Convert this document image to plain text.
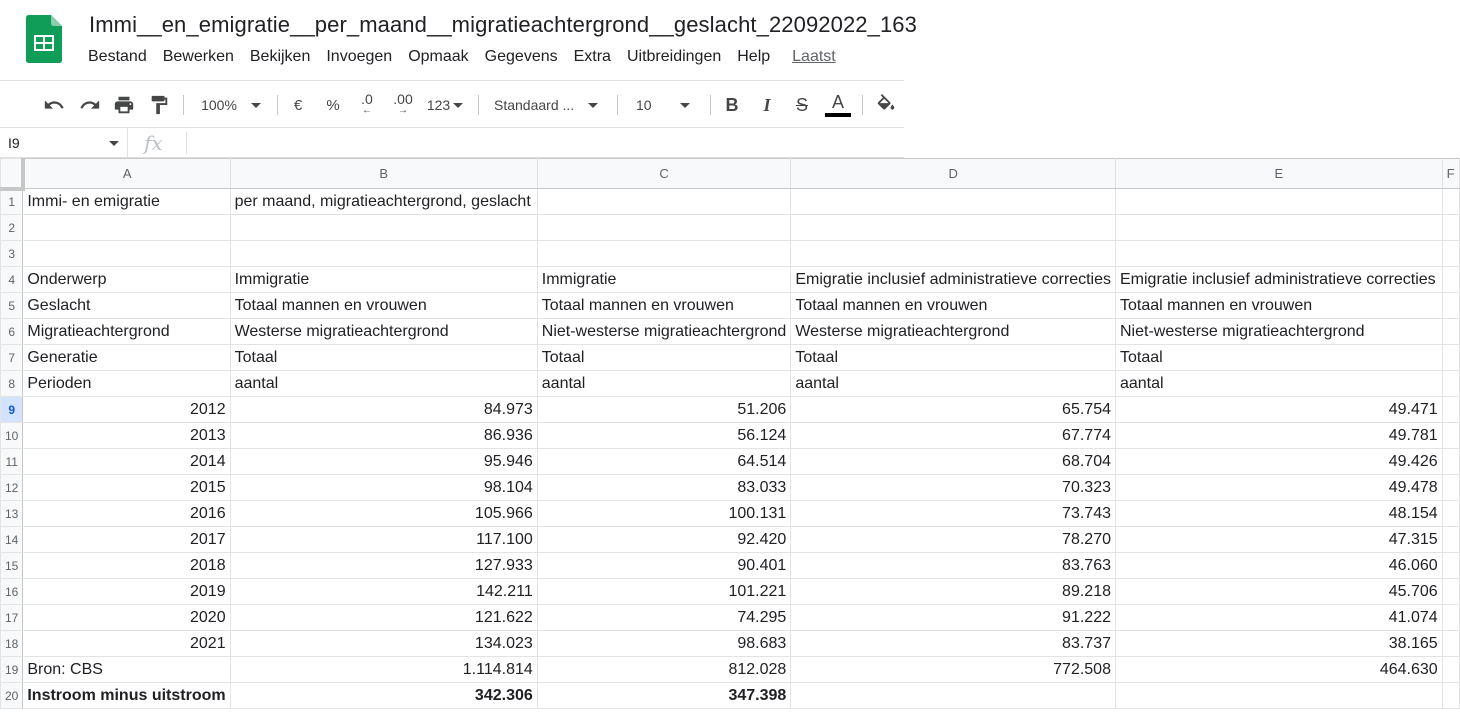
Immi__en_emigratie__per_maand__migratieachtergrond__geslacht_22092022_163
Bestand	Bewerken	Bekijken	Invoegen	Opmaak	Gegevens	Extra	Uitbreidingen	Help	Laatst
100%	€	%	.0
←
.00
→ 123	Standaard ...	10	B	I	S	A
I9	fx
	A	B	C	D	E	F
1	Immi- en emigratie	per maand, migratieachtergrond, geslacht				
2						
3						
4	Onderwerp	Immigratie	Immigratie	Emigratie inclusief administratieve correcties	Emigratie inclusief administratieve correcties	
5	Geslacht	Totaal mannen en vrouwen	Totaal mannen en vrouwen	Totaal mannen en vrouwen	Totaal mannen en vrouwen	
6	Migratieachtergrond	Westerse migratieachtergrond	Niet-westerse migratieachtergrond	Westerse migratieachtergrond	Niet-westerse migratieachtergrond	
7	Generatie	Totaal	Totaal	Totaal	Totaal	
8	Perioden	aantal	aantal	aantal	aantal	
9	2012	84.973	51.206	65.754	49.471	
10	2013	86.936	56.124	67.774	49.781	
11	2014	95.946	64.514	68.704	49.426	
12	2015	98.104	83.033	70.323	49.478	
13	2016	105.966	100.131	73.743	48.154	
14	2017	117.100	92.420	78.270	47.315	
15	2018	127.933	90.401	83.763	46.060	
16	2019	142.211	101.221	89.218	45.706	
17	2020	121.622	74.295	91.222	41.074	
18	2021	134.023	98.683	83.737	38.165	
19	Bron: CBS	1.114.814	812.028	772.508	464.630	
20	Instroom minus uitstroom	342.306	347.398			
